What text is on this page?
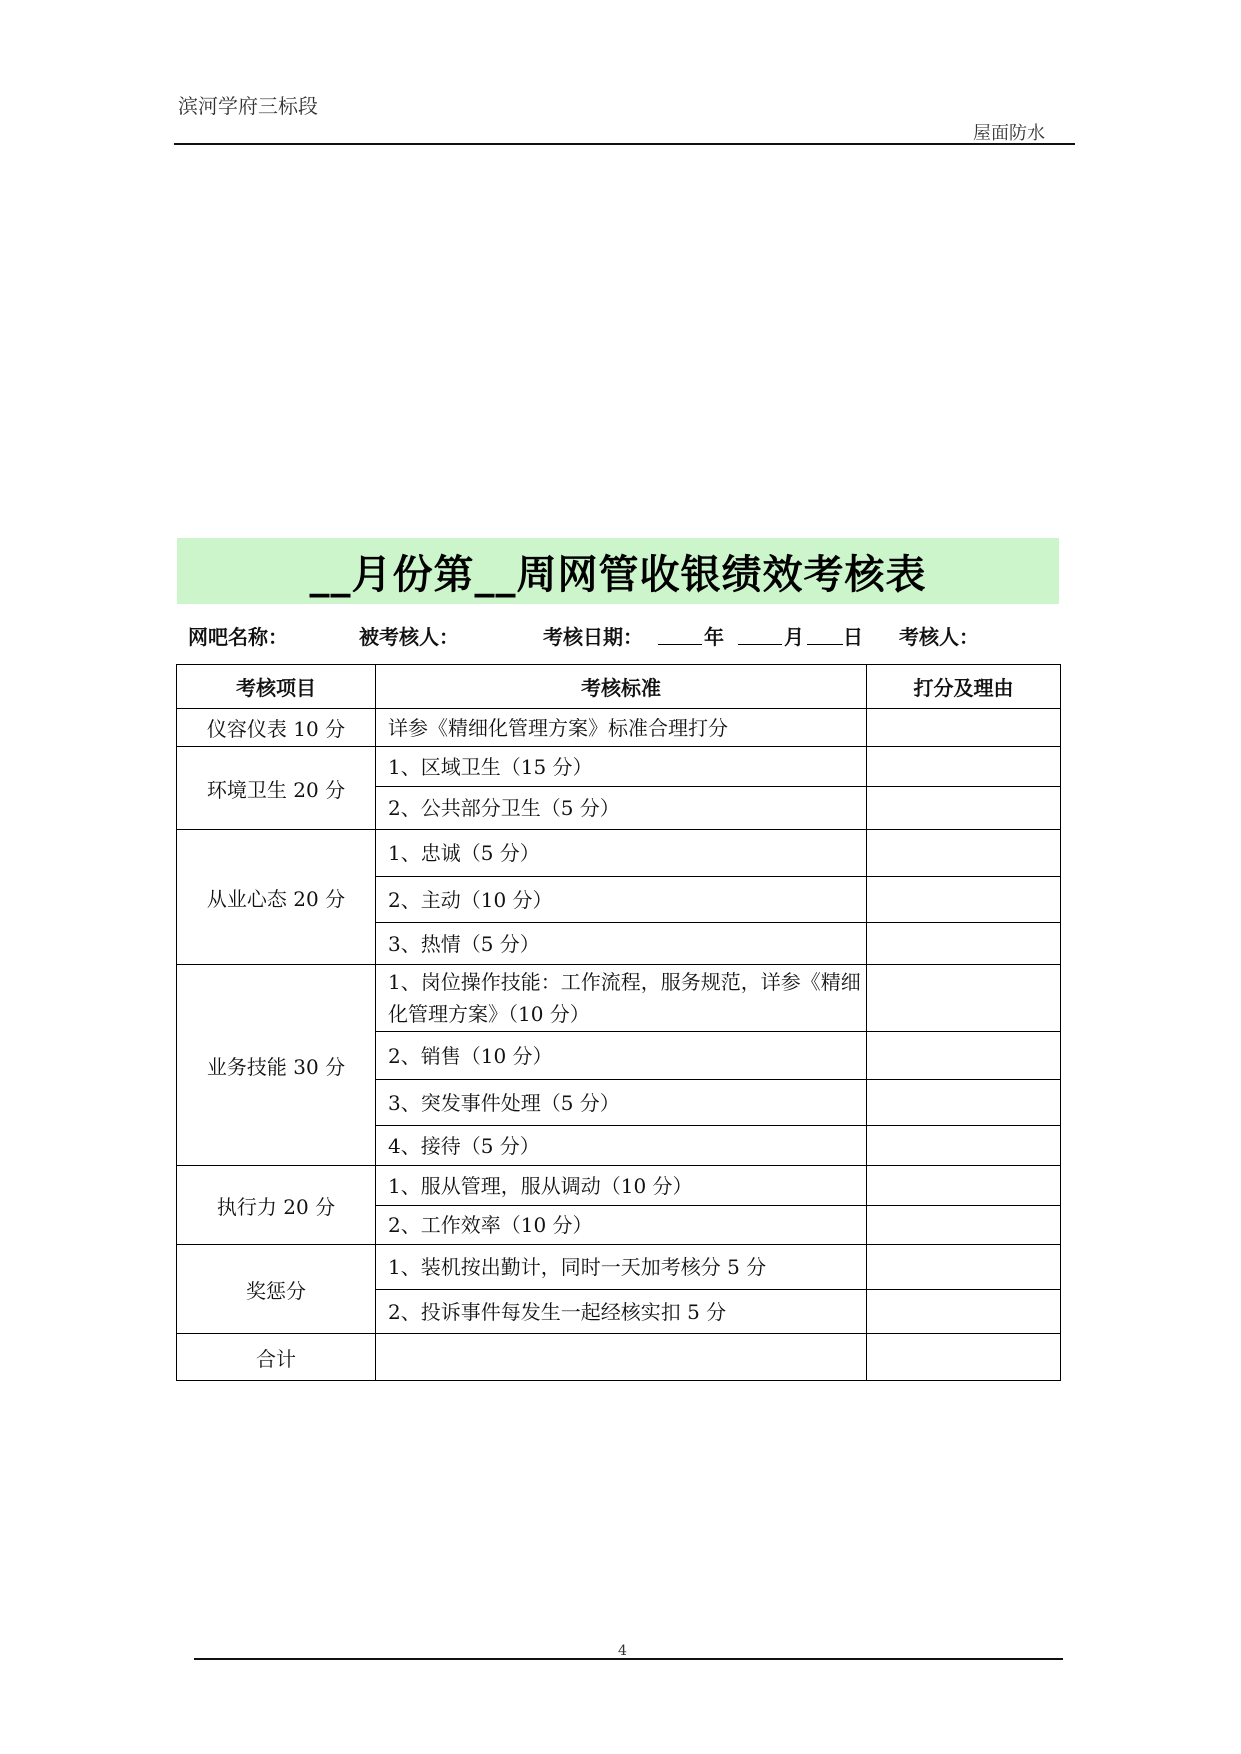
滨河学府三标段
屋面防水
__月份第__周网管收银绩效考核表
网吧名称：	被考核人：	考核日期：	年	月 日 考核人：
考核项目	考核标准	打分及理由
仪容仪表 10 分	详参《精细化管理方案》标准合理打分	
环境卫生 20 分	1、区域卫生（15 分）	
	2、公共部分卫生（5 分）	
从业心态 20 分	1、忠诚（5 分）	
	2、主动（10 分）	
	3、热情（5 分）	
业务技能 30 分	1、岗位操作技能：工作流程，服务规范，详参《精细化管理方案》（10 分）	
	2、销售（10 分）	
	3、突发事件处理（5 分）	
	4、接待（5 分）	
执行力 20 分	1、服从管理，服从调动（10 分）	
	2、工作效率（10 分）	
奖惩分	1、装机按出勤计，同时一天加考核分 5 分	
	2、投诉事件每发生一起经核实扣 5 分	
合计		
4
